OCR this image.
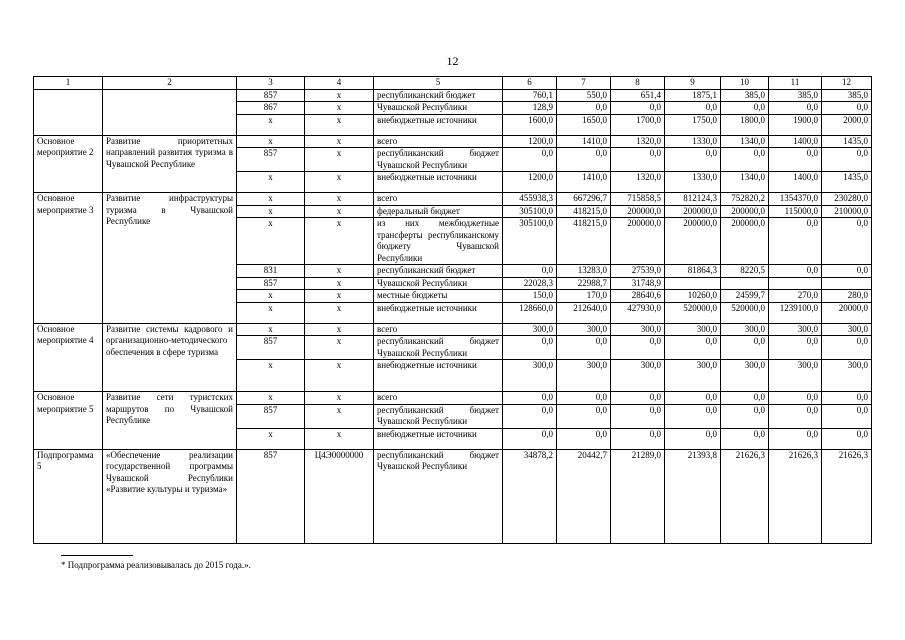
12
1	2	3	4	5	6	7	8	9	10	11	12
		857	x	республиканский бюджет	760,1	550,0	651,4	1875,1	385,0	385,0	385,0
		867	x	Чувашской Республики	128,9	0,0	0,0	0,0	0,0	0,0	0,0
		x	x	внебюджетные источники	1600,0	1650,0	1700,0	1750,0	1800,0	1900,0	2000,0
Основное мероприятие 2	Развитие приоритетных направлений развития туризма в Чувашской Республике	x	x	всего	1200,0	1410,0	1320,0	1330,0	1340,0	1400,0	1435,0
		857	x	республиканский бюджет Чувашской Республики	0,0	0,0	0,0	0,0	0,0	0,0	0,0
		x	x	внебюджетные источники	1200,0	1410,0	1320,0	1330,0	1340,0	1400,0	1435,0
Основное мероприятие 3	Развитие инфраструктуры туризма в Чувашской Республике	x	x	всего	455938,3	667296,7	715858,5	812124,3	752820,2	1354370,0	230280,0
		x	x	федеральный бюджет	305100,0	418215,0	200000,0	200000,0	200000,0	115000,0	210000,0
		x	x	из них межбюджетные трансферты республиканскому бюджету Чувашской Республики	305100,0	418215,0	200000,0	200000,0	200000,0	0,0	0,0
		831	x	республиканский бюджет	0,0	13283,0	27539,0	81864,3	8220,5	0,0	0,0
		857	x	Чувашской Республики	22028,3	22988,7	31748,9				
		x	x	местные бюджеты	150,0	170,0	28640,6	10260,0	24599,7	270,0	280,0
		x	x	внебюджетные источники	128660,0	212640,0	427930,0	520000,0	520000,0	1239100,0	20000,0
Основное мероприятие 4	Развитие системы кадрового и организационно-методического обеспечения в сфере туризма	x	x	всего	300,0	300,0	300,0	300,0	300,0	300,0	300,0
		857	x	республиканский бюджет Чувашской Республики	0,0	0,0	0,0	0,0	0,0	0,0	0,0
		x	x	внебюджетные источники	300,0	300,0	300,0	300,0	300,0	300,0	300,0
Основное мероприятие 5	Развитие сети туристских маршрутов по Чувашской Республике	x	x	всего	0,0	0,0	0,0	0,0	0,0	0,0	0,0
		857	x	республиканский бюджет Чувашской Республики	0,0	0,0	0,0	0,0	0,0	0,0	0,0
		x	x	внебюджетные источники	0,0	0,0	0,0	0,0	0,0	0,0	0,0
Подпрограмма 5	«Обеспечение реализации государственной программы Чувашской Республики «Развитие культуры и туризма»	857	Ц4Э0000000	республиканский бюджет Чувашской Республики	34878,2	20442,7	21289,0	21393,8	21626,3	21626,3	21626,3
* Подпрограмма реализовывалась до 2015 года.».
